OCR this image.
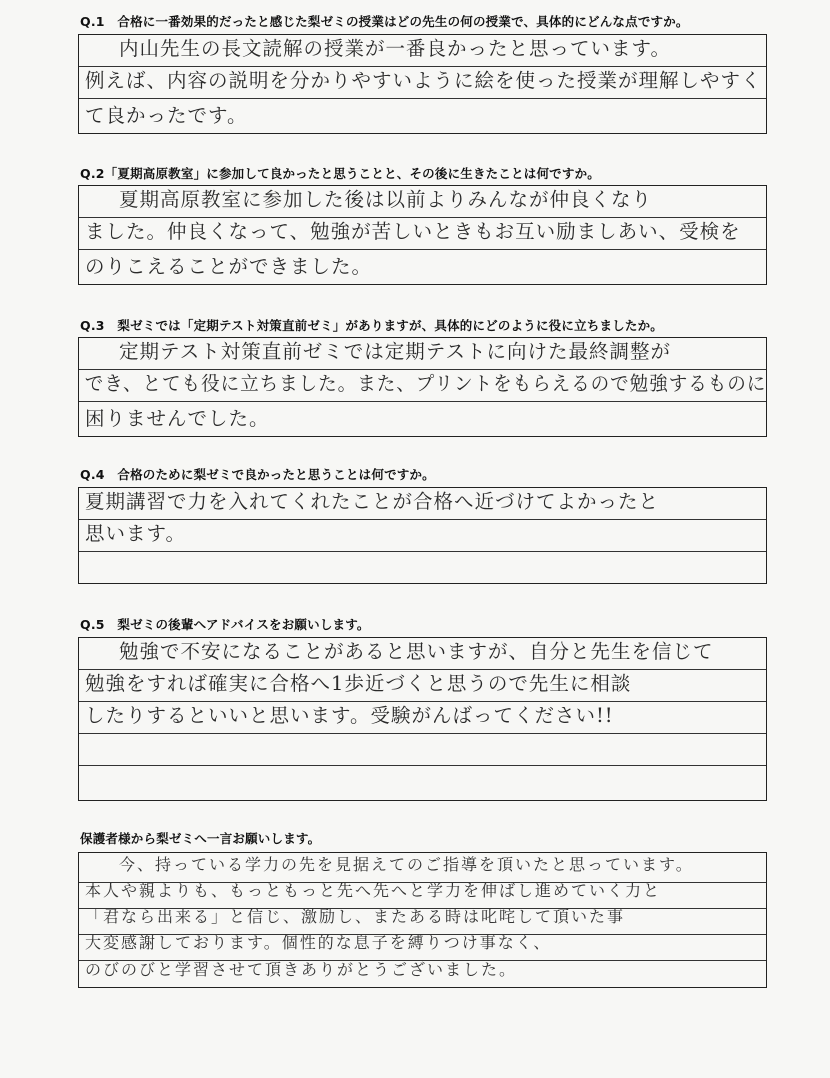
Q.1　合格に一番効果的だったと感じた梨ゼミの授業はどの先生の何の授業で、具体的にどんな点ですか。
内山先生の長文読解の授業が一番良かったと思っています。
例えば、内容の説明を分かりやすいように絵を使った授業が理解しやすく
て良かったです。
Q.2「夏期高原教室」に参加して良かったと思うことと、その後に生きたことは何ですか。
夏期高原教室に参加した後は以前よりみんなが仲良くなり
ました。仲良くなって、勉強が苦しいときもお互い励ましあい、受検を
のりこえることができました。
Q.3　梨ゼミでは「定期テスト対策直前ゼミ」がありますが、具体的にどのように役に立ちましたか。
定期テスト対策直前ゼミでは定期テストに向けた最終調整が
でき、とても役に立ちました。また、プリントをもらえるので勉強するものに
困りませんでした。
Q.4　合格のために梨ゼミで良かったと思うことは何ですか。
夏期講習で力を入れてくれたことが合格へ近づけてよかったと
思います。
Q.5　梨ゼミの後輩へアドバイスをお願いします。
勉強で不安になることがあると思いますが、自分と先生を信じて
勉強をすれば確実に合格へ1歩近づくと思うので先生に相談
したりするといいと思います。受験がんばってください!!
保護者様から梨ゼミへ一言お願いします。
今、持っている学力の先を見据えてのご指導を頂いたと思っています。
本人や親よりも、もっともっと先へ先へと学力を伸ばし進めていく力と
「君なら出来る」と信じ、激励し、またある時は叱咤して頂いた事
大変感謝しております。個性的な息子を縛りつけ事なく、
のびのびと学習させて頂きありがとうございました。
